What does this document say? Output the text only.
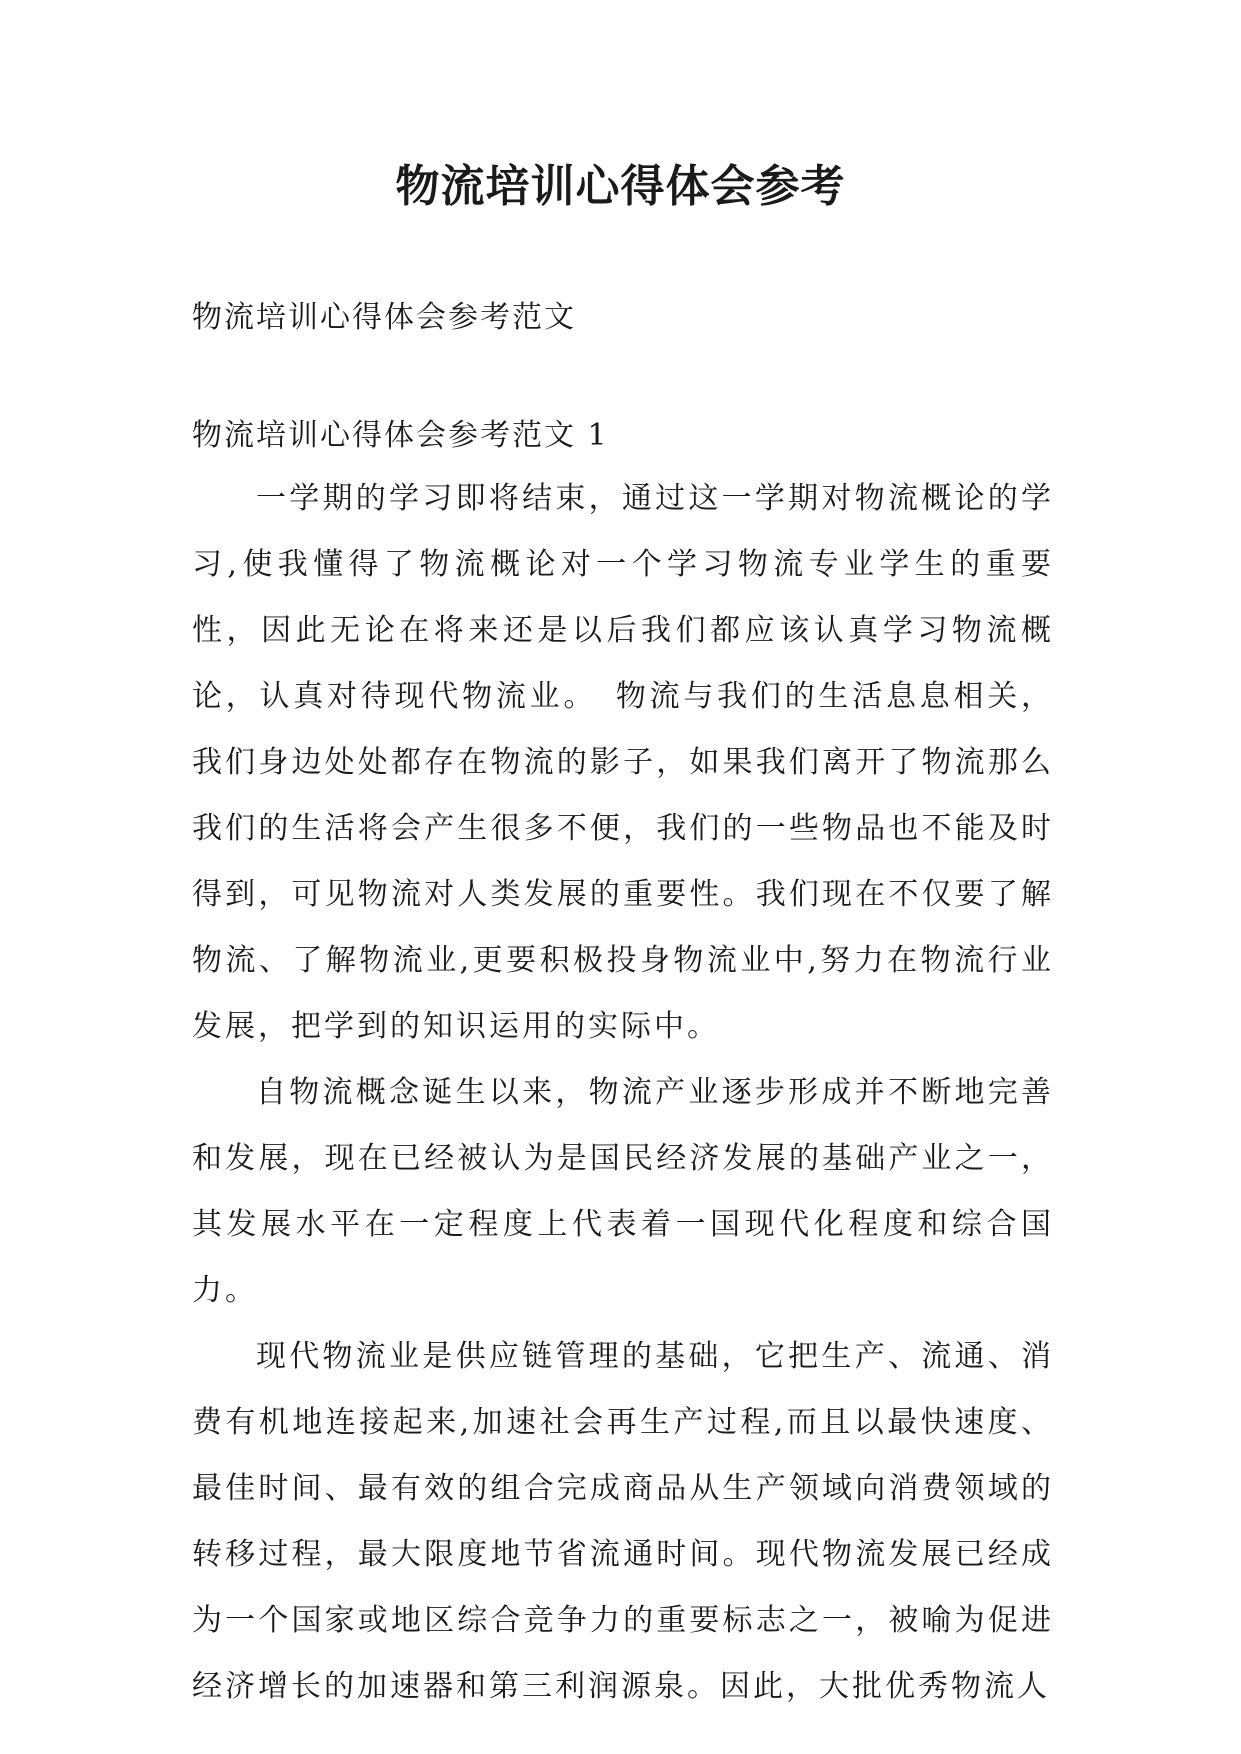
物流培训心得体会参考

物流培训心得体会参考范文

物流培训心得体会参考范文 1

一学期的学习即将结束，通过这一学期对物流概论的学习,使我懂得了物流概论对一个学习物流专业学生的重要性，因此无论在将来还是以后我们都应该认真学习物流概论，认真对待现代物流业。　物流与我们的生活息息相关，我们身边处处都存在物流的影子，如果我们离开了物流那么我们的生活将会产生很多不便，我们的一些物品也不能及时得到，可见物流对人类发展的重要性。我们现在不仅要了解物流、了解物流业,更要积极投身物流业中,努力在物流行业发展，把学到的知识运用的实际中。

自物流概念诞生以来，物流产业逐步形成并不断地完善和发展，现在已经被认为是国民经济发展的基础产业之一，其发展水平在一定程度上代表着一国现代化程度和综合国力。

现代物流业是供应链管理的基础，它把生产、流通、消费有机地连接起来,加速社会再生产过程,而且以最快速度、最佳时间、最有效的组合完成商品从生产领域向消费领域的转移过程，最大限度地节省流通时间。现代物流发展已经成为一个国家或地区综合竞争力的重要标志之一，被喻为促进经济增长的加速器和第三利润源泉。因此，大批优秀物流人
